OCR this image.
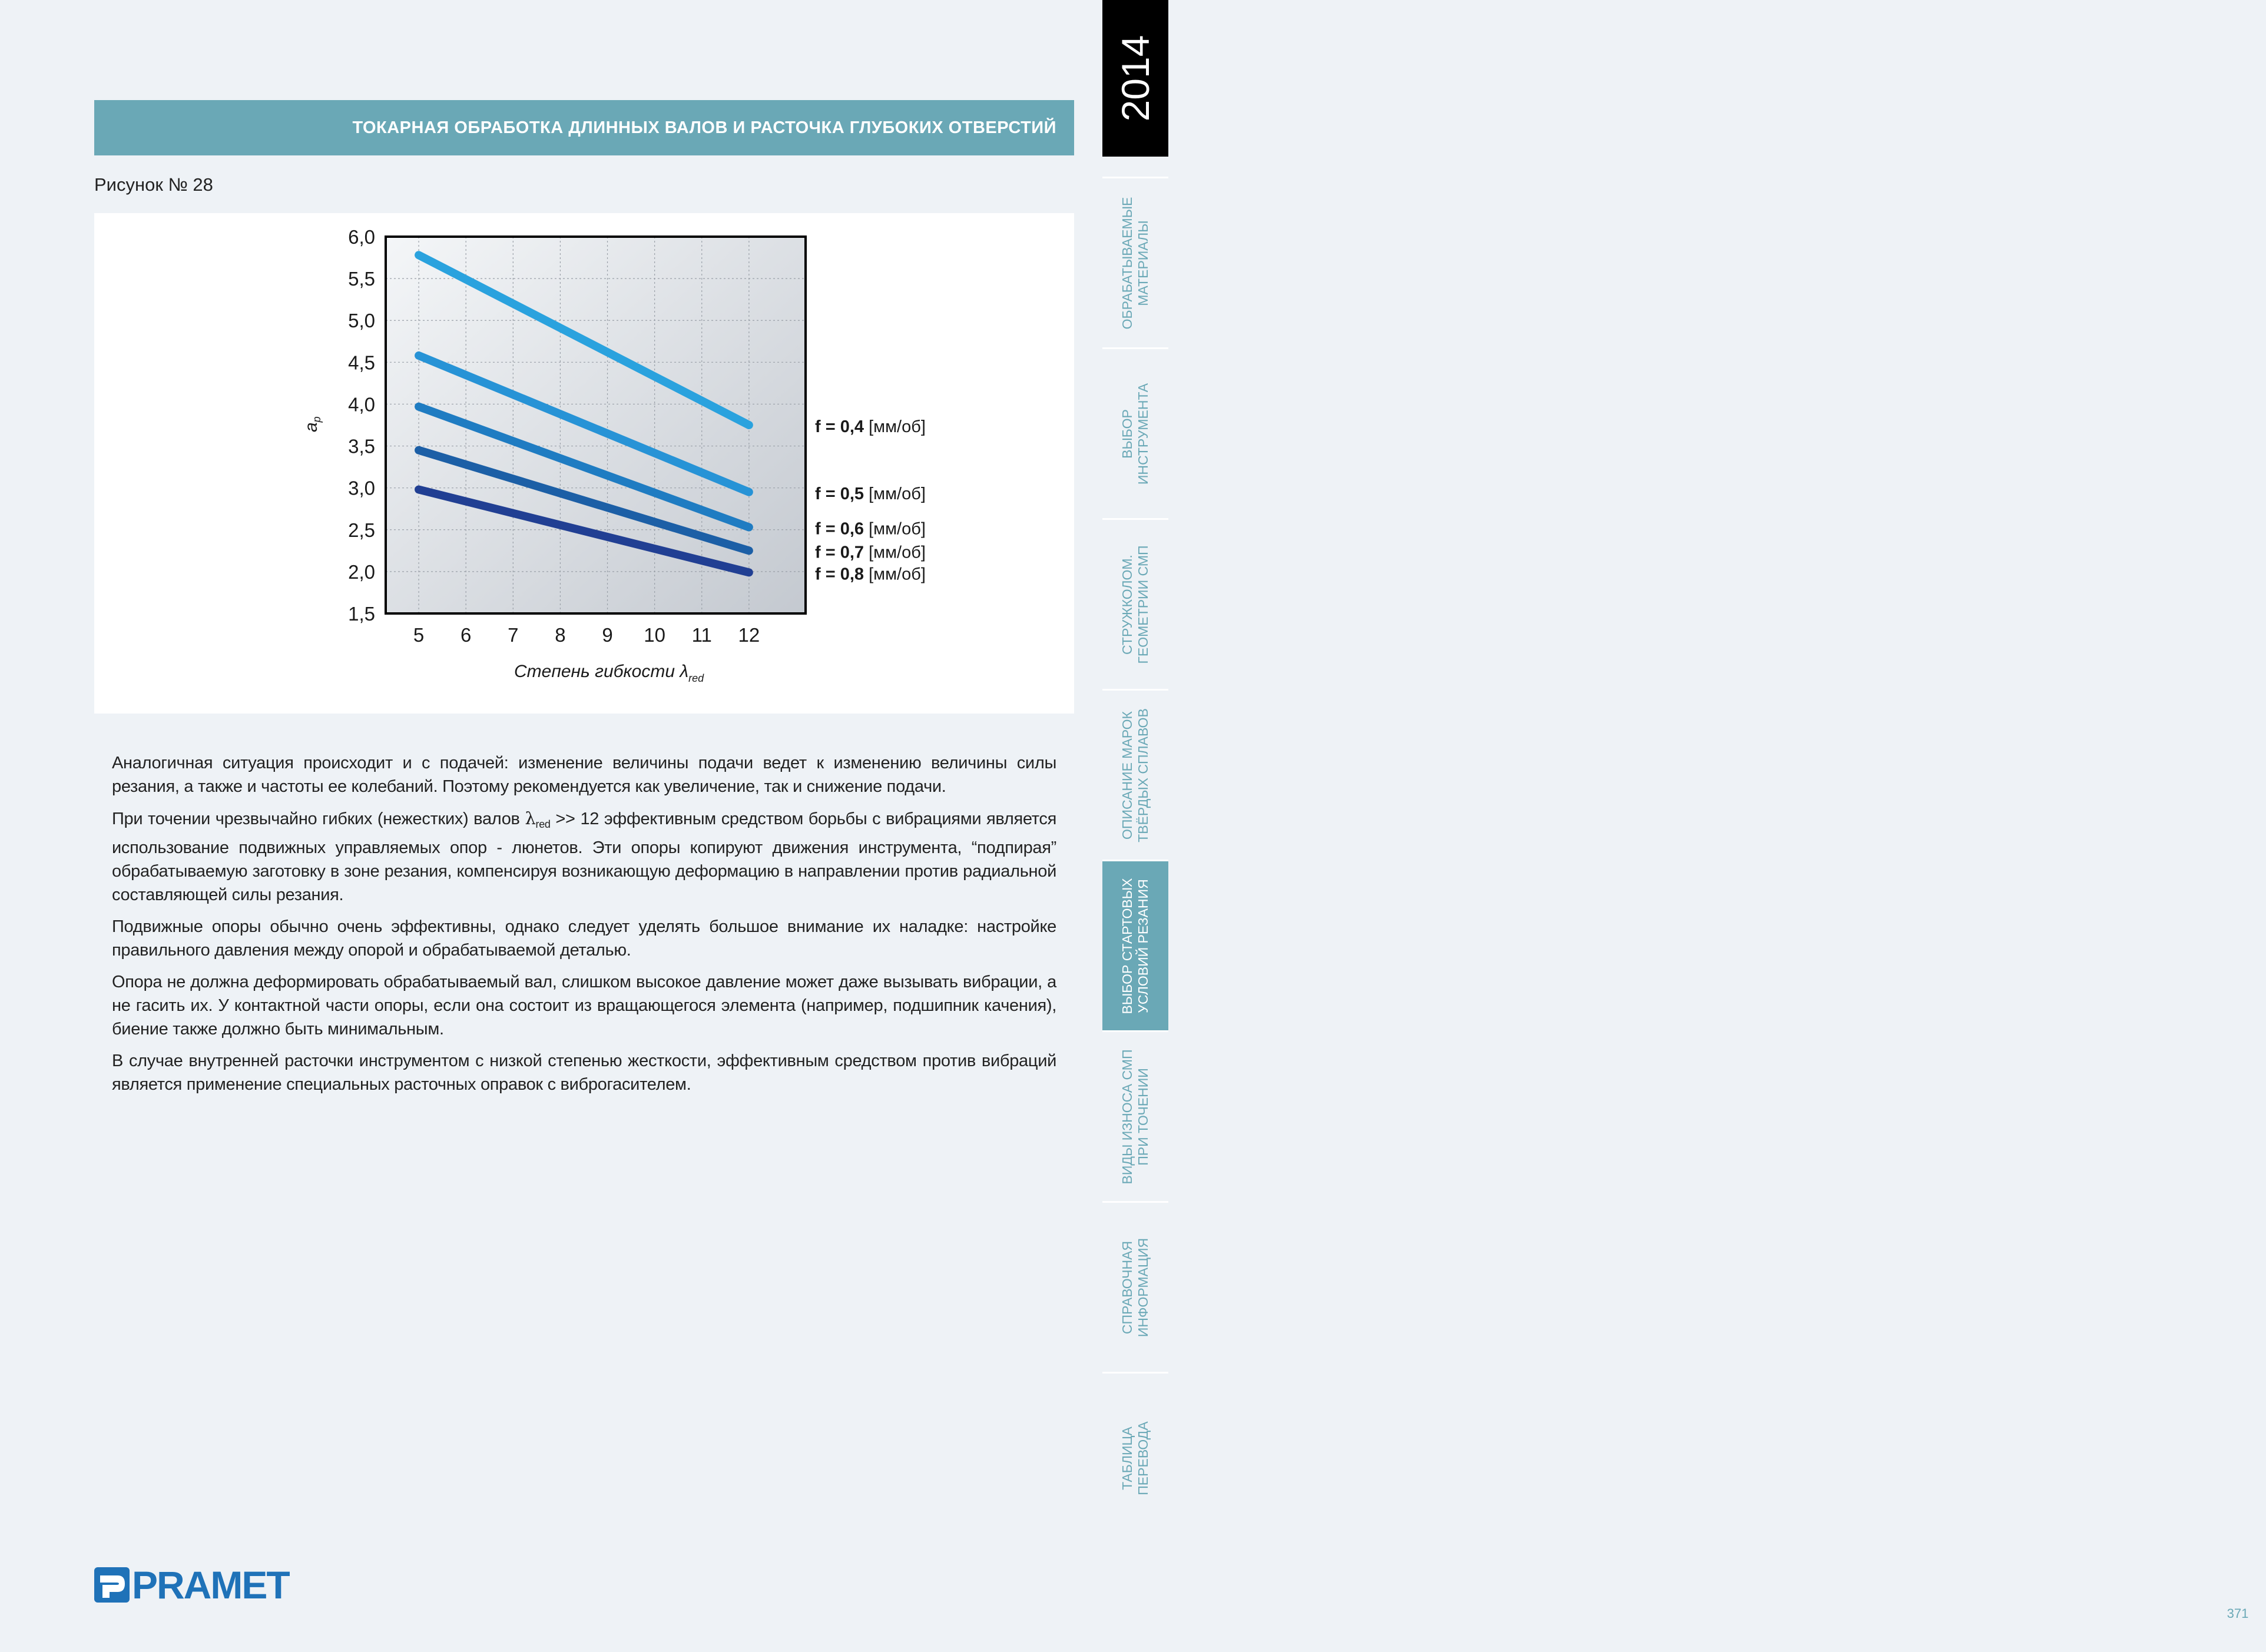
ТОКАРНАЯ ОБРАБОТКА ДЛИННЫХ ВАЛОВ И РАСТОЧКА ГЛУБОКИХ ОТВЕРСТИЙ
Рисунок № 28
f = 0,4 [мм/об]
f = 0,5 [мм/об]
f = 0,6 [мм/об]
f = 0,7 [мм/об]
f = 0,8 [мм/об]
1,5
2,0
2,5
3,0
3,5
4,0
4,5
5,0
5,5
6,0
5 6 7 8 9 10 11 12
$a_p$
Степень гибкости $\lambda_{red}$

Аналогичная ситуация происходит и с подачей: изменение величины подачи ведет к изменению величины силы резания, а также и частоты ее колебаний. Поэтому рекомендуется как увеличение, так и снижение подачи.

При точении чрезвычайно гибких (нежестких) валов $\lambda_{red} >> 12$ эффективным средством борьбы с вибрациями является использование подвижных управляемых опор - люнетов. Эти опоры копируют движения инструмента, “подпирая” обрабатываемую заготовку в зоне резания, компенсируя возникающую деформацию в направлении против радиальной составляющей силы резания.

Подвижные опоры обычно очень эффективны, однако следует уделять большое внимание их наладке: настройке правильного давления между опорой и обрабатываемой деталью.

Опора не должна деформировать обрабатываемый вал, слишком высокое давление может даже вызывать вибрации, а не гасить их. У контактной части опоры, если она состоит из вращающегося элемента (например, подшипник качения), биение также должно быть минимальным.

В случае внутренней расточки инструментом с низкой степенью жесткости, эффективным средством против вибраций является применение специальных расточных оправок с виброгасителем.

PRAMET
2014
ОБРАБАТЫВАЕМЫЕ МАТЕРИАЛЫ
ВЫБОР ИНСТРУМЕНТА
СТРУЖКОЛОМ. ГЕОМЕТРИИ СМП
ОПИСАНИЕ МАРОК ТВЁРДЫХ СПЛАВОВ
ВЫБОР СТАРТОВЫХ УСЛОВИЙ РЕЗАНИЯ
ВИДЫ ИЗНОСА СМП ПРИ ТОЧЕНИИ
СПРАВОЧНАЯ ИНФОРМАЦИЯ
ТАБЛИЦА ПЕРЕВОДА
371
